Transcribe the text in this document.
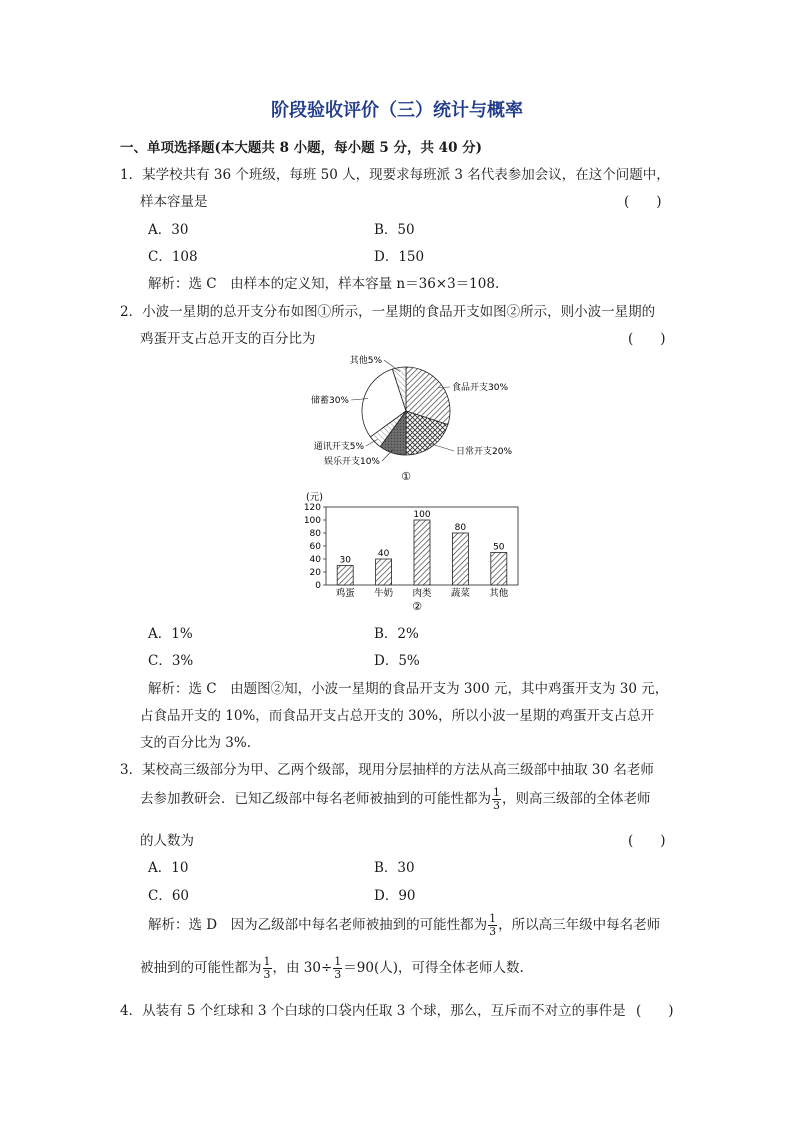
阶段验收评价（三）统计与概率
一、单项选择题(本大题共 8 小题，每小题 5 分，共 40 分)
1．某学校共有 36 个班级，每班 50 人，现要求每班派 3 名代表参加会议，在这个问题中，
样本容量是	(　　)
A．30	B．50
C．108	D．150
解析：选 C　由样本的定义知，样本容量 n＝36×3＝108.
2．小波一星期的总开支分布如图①所示，一星期的食品开支如图②所示，则小波一星期的
鸡蛋开支占总开支的百分比为	(　　)
食品开支30%
日常开支20%
娱乐开支10%
通讯开支5%
储蓄30%
其他5%
①
(元)
0
20
40
60
80
100
120
30
鸡蛋
40
牛奶
100
肉类
80
蔬菜
50
其他
②
A．1%	B．2%
C．3%	D．5%
解析：选 C　由题图②知，小波一星期的食品开支为 300 元，其中鸡蛋开支为 30 元，
占食品开支的 10%，而食品开支占总开支的 30%，所以小波一星期的鸡蛋开支占总开
支的百分比为 3%.
3．某校高三级部分为甲、乙两个级部，现用分层抽样的方法从高三级部中抽取 30 名老师
去参加教研会．已知乙级部中每名老师被抽到的可能性都为 $\frac{1}{3}$ ，则高三级部的全体老师
的人数为	(　　)
A．10	B．30
C．60	D．90
解析：选 D　因为乙级部中每名老师被抽到的可能性都为 $\frac{1}{3}$ ，所以高三年级中每名老师
被抽到的可能性都为 $\frac{1}{3}$ ，由 $30\div \frac{1}{3} =90$(人)，可得全体老师人数.
4．从装有 5 个红球和 3 个白球的口袋内任取 3 个球，那么，互斥而不对立的事件是 (　　)
